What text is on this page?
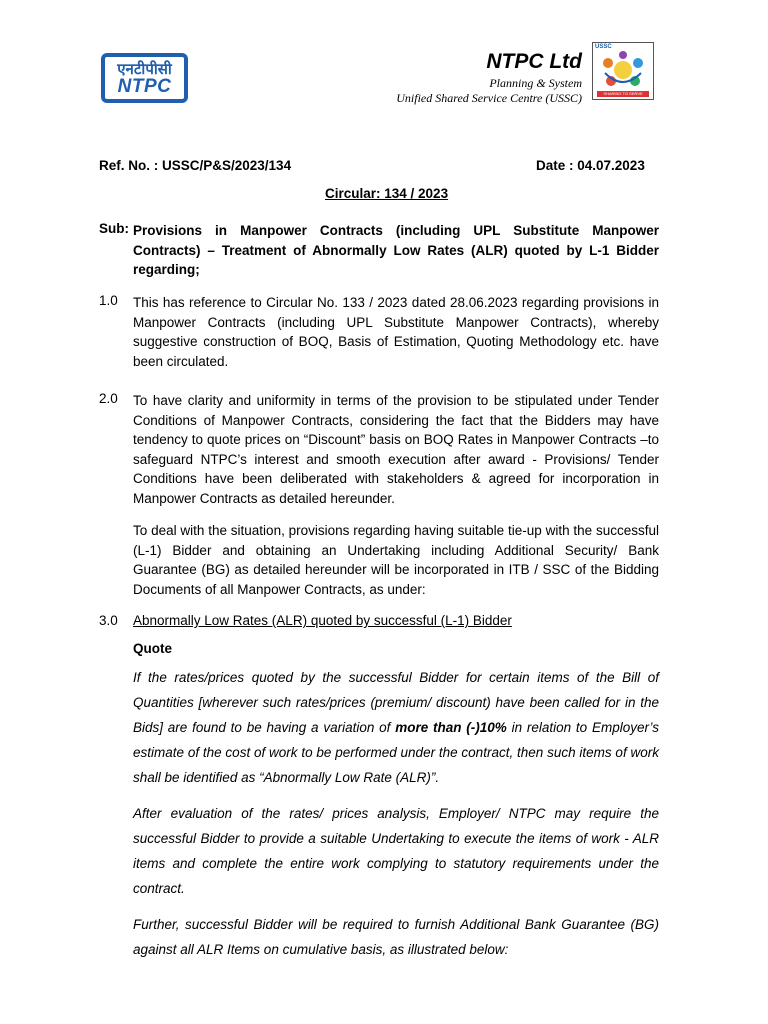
एनटीपीसी
NTPC
NTPC Ltd
Planning & System
Unified Shared Service Centre (USSC)
USSC
SHARING TO SERVE
Ref. No. : USSC/P&S/2023/134	Date : 04.07.2023
Circular: 134 / 2023
Sub: Provisions in Manpower Contracts (including UPL Substitute Manpower Contracts) – Treatment of Abnormally Low Rates (ALR) quoted by L-1 Bidder regarding;
1.0 This has reference to Circular No. 133 / 2023 dated 28.06.2023 regarding provisions in Manpower Contracts (including UPL Substitute Manpower Contracts), whereby suggestive construction of BOQ, Basis of Estimation, Quoting Methodology etc. have been circulated.
2.0 To have clarity and uniformity in terms of the provision to be stipulated under Tender Conditions of Manpower Contracts, considering the fact that the Bidders may have tendency to quote prices on “Discount” basis on BOQ Rates in Manpower Contracts –to safeguard NTPC’s interest and smooth execution after award - Provisions/ Tender Conditions have been deliberated with stakeholders & agreed for incorporation in Manpower Contracts as detailed hereunder.
To deal with the situation, provisions regarding having suitable tie-up with the successful (L-1) Bidder and obtaining an Undertaking including Additional Security/ Bank Guarantee (BG) as detailed hereunder will be incorporated in ITB / SSC of the Bidding Documents of all Manpower Contracts, as under:
3.0 Abnormally Low Rates (ALR) quoted by successful (L-1) Bidder
Quote
If the rates/prices quoted by the successful Bidder for certain items of the Bill of Quantities [wherever such rates/prices (premium/ discount) have been called for in the Bids] are found to be having a variation of more than (-)10% in relation to Employer’s estimate of the cost of work to be performed under the contract, then such items of work shall be identified as “Abnormally Low Rate (ALR)”.
After evaluation of the rates/ prices analysis, Employer/ NTPC may require the successful Bidder to provide a suitable Undertaking to execute the items of work - ALR items and complete the entire work complying to statutory requirements under the contract.
Further, successful Bidder will be required to furnish Additional Bank Guarantee (BG) against all ALR Items on cumulative basis, as illustrated below:
